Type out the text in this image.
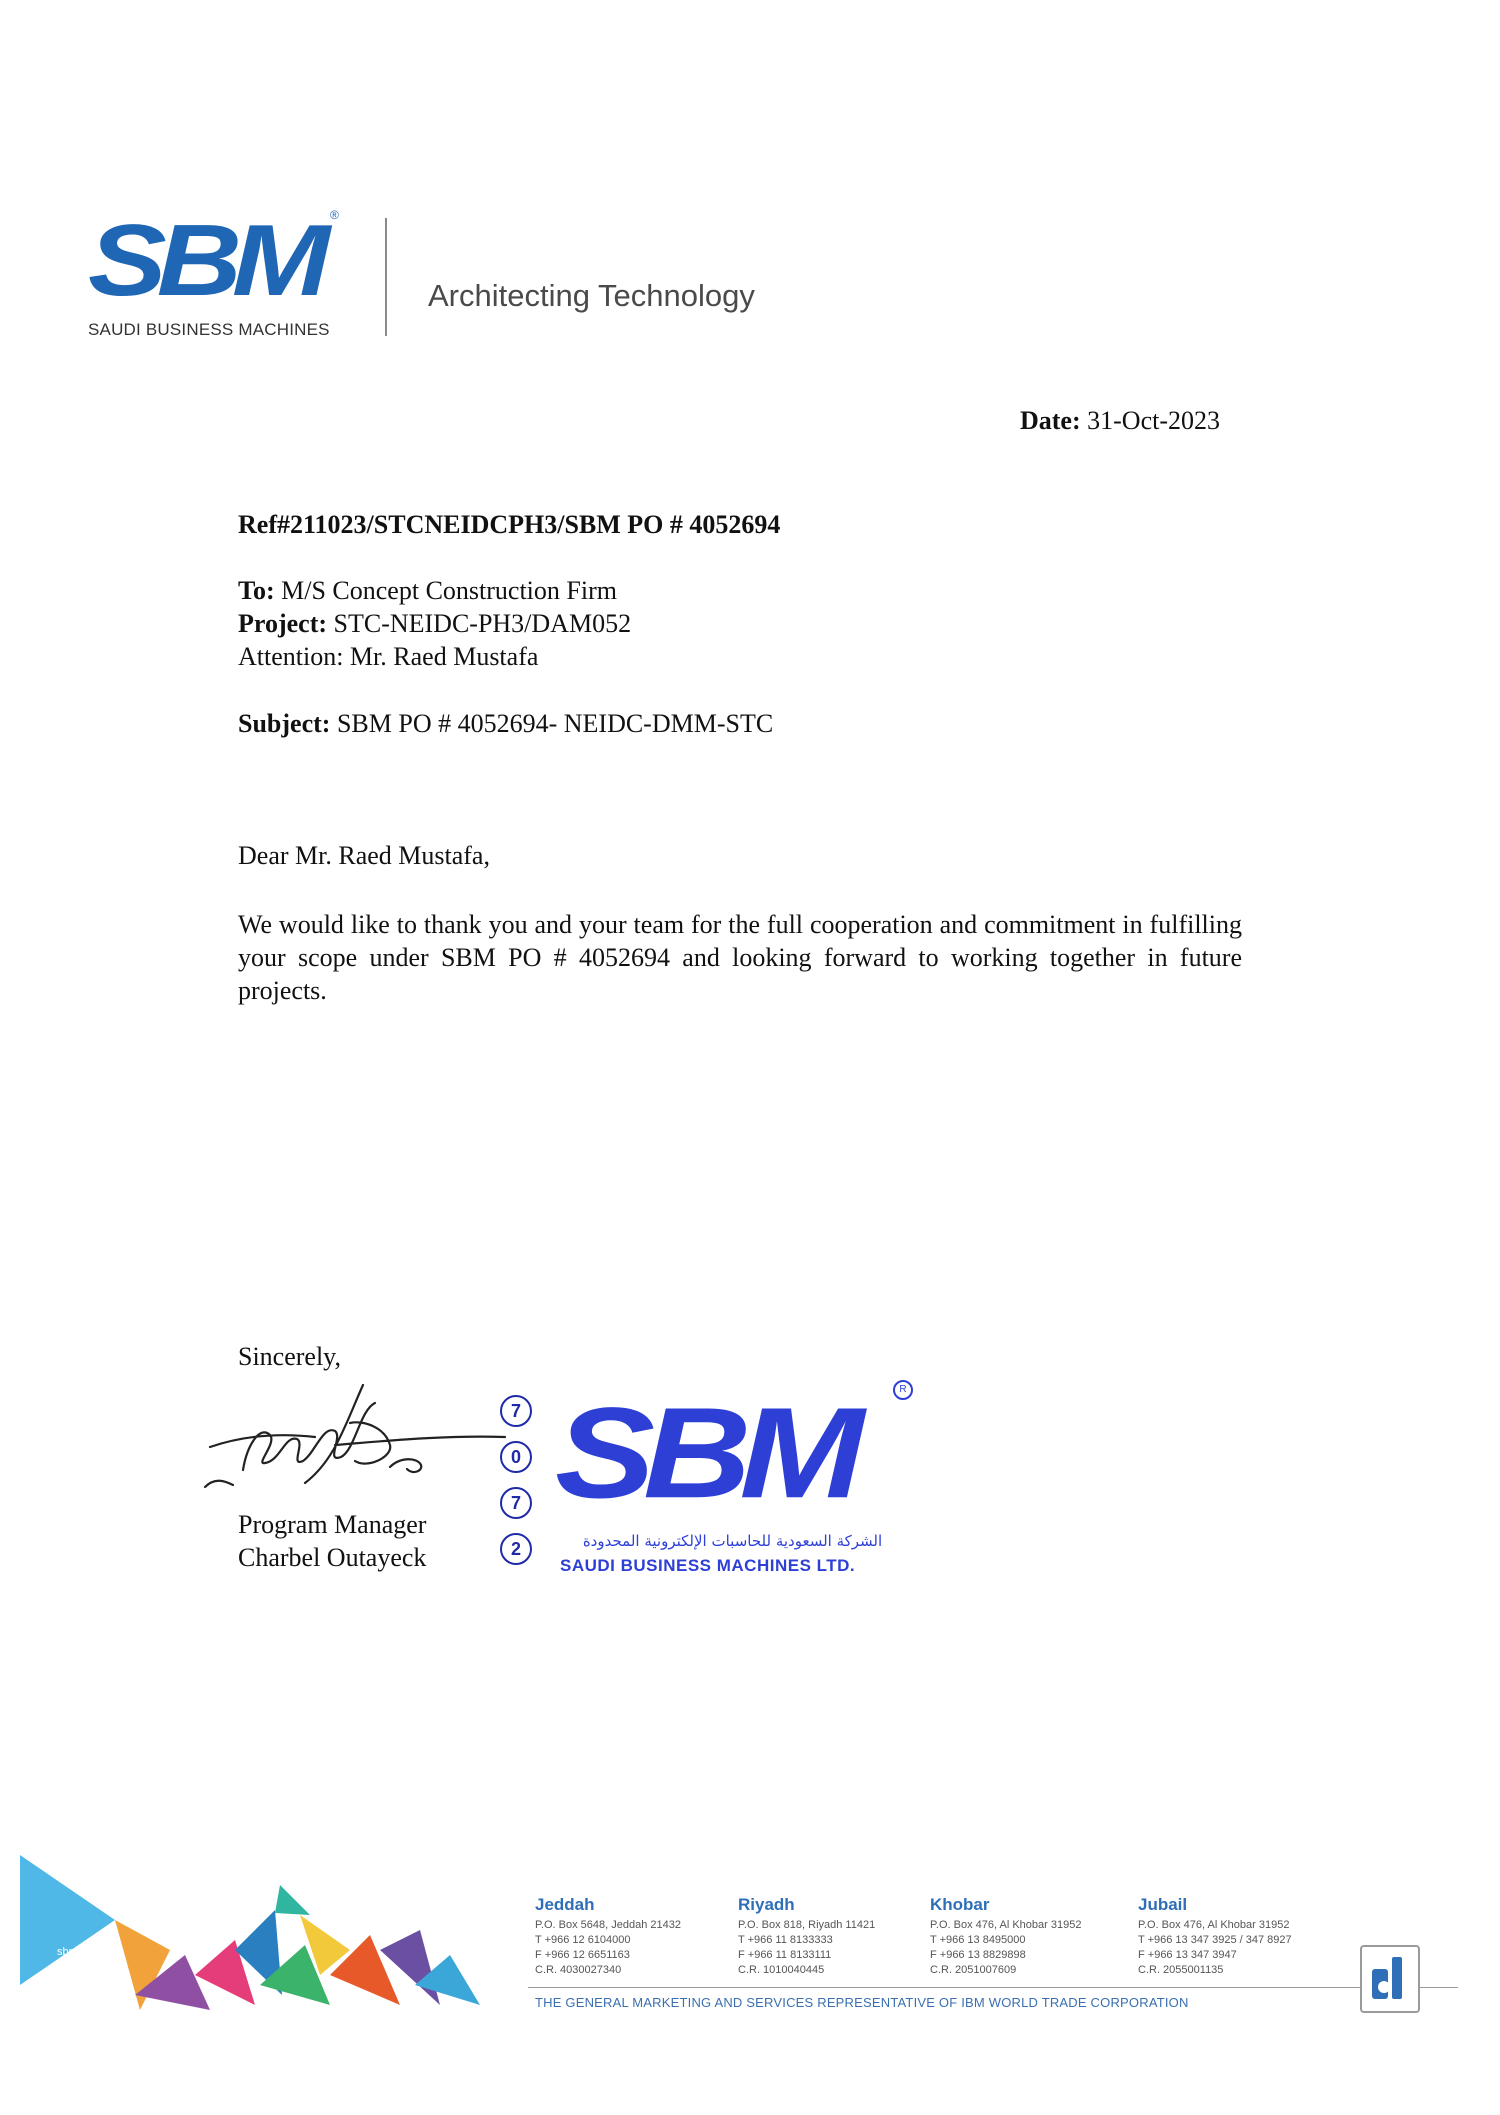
SBM ®
SAUDI BUSINESS MACHINES
Architecting Technology
Date: 31-Oct-2023
Ref#211023/STCNEIDCPH3/SBM PO # 4052694
To: M/S Concept Construction Firm
Project: STC-NEIDC-PH3/DAM052
Attention: Mr. Raed Mustafa
Subject: SBM PO # 4052694- NEIDC-DMM-STC
Dear Mr. Raed Mustafa,
We would like to thank you and your team for the full cooperation and commitment in fulfilling your scope under SBM PO # 4052694 and looking forward to working together in future projects.
Sincerely,
Program Manager
Charbel Outayeck
7
0
7
2
SBM	R
الشركة السعودية للحاسبات الإلكترونية المحدودة
SAUDI BUSINESS MACHINES LTD.
sbm.sa
Jeddah
P.O. Box 5648, Jeddah 21432
T +966 12 6104000
F +966 12 6651163
C.R. 4030027340
Riyadh
P.O. Box 818, Riyadh 11421
T +966 11 8133333
F +966 11 8133111
C.R. 1010040445
Khobar
P.O. Box 476, Al Khobar 31952
T +966 13 8495000
F +966 13 8829898
C.R. 2051007609
Jubail
P.O. Box 476, Al Khobar 31952
T +966 13 347 3925 / 347 8927
F +966 13 347 3947
C.R. 2055001135
THE GENERAL MARKETING AND SERVICES REPRESENTATIVE OF IBM WORLD TRADE CORPORATION
